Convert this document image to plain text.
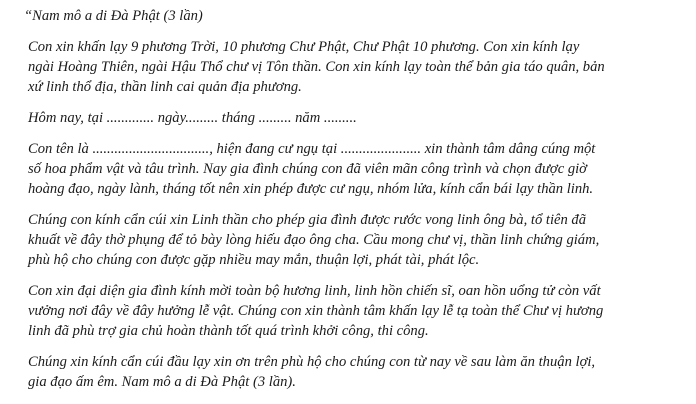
“Nam mô a di Đà Phật (3 lần)
Con xin khấn lạy 9 phương Trời, 10 phương Chư Phật, Chư Phật 10 phương. Con xin kính lạy
ngài Hoàng Thiên, ngài Hậu Thổ chư vị Tôn thần. Con xin kính lạy toàn thể bản gia táo quân, bản
xứ linh thổ địa, thần linh cai quản địa phương.
Hôm nay, tại ............. ngày......... tháng ......... năm .........
Con tên là ................................, hiện đang cư ngụ tại ...................... xin thành tâm dâng cúng một
số hoa phẩm vật và tâu trình. Nay gia đình chúng con đã viên mãn công trình và chọn được giờ
hoàng đạo, ngày lành, tháng tốt nên xin phép được cư ngụ, nhóm lửa, kính cẩn bái lạy thần linh.
Chúng con kính cẩn cúi xin Linh thần cho phép gia đình được rước vong linh ông bà, tổ tiên đã
khuất về đây thờ phụng để tỏ bày lòng hiếu đạo ông cha. Cầu mong chư vị, thần linh chứng giám,
phù hộ cho chúng con được gặp nhiều may mắn, thuận lợi, phát tài, phát lộc.
Con xin đại diện gia đình kính mời toàn bộ hương linh, linh hồn chiến sĩ, oan hồn uổng tử còn vất
vưởng nơi đây về đây hưởng lễ vật. Chúng con xin thành tâm khấn lạy lễ tạ toàn thể Chư vị hương
linh đã phù trợ gia chủ hoàn thành tốt quá trình khởi công, thi công.
Chúng xin kính cẩn cúi đầu lạy xin ơn trên phù hộ cho chúng con từ nay về sau làm ăn thuận lợi,
gia đạo ấm êm. Nam mô a di Đà Phật (3 lần).
